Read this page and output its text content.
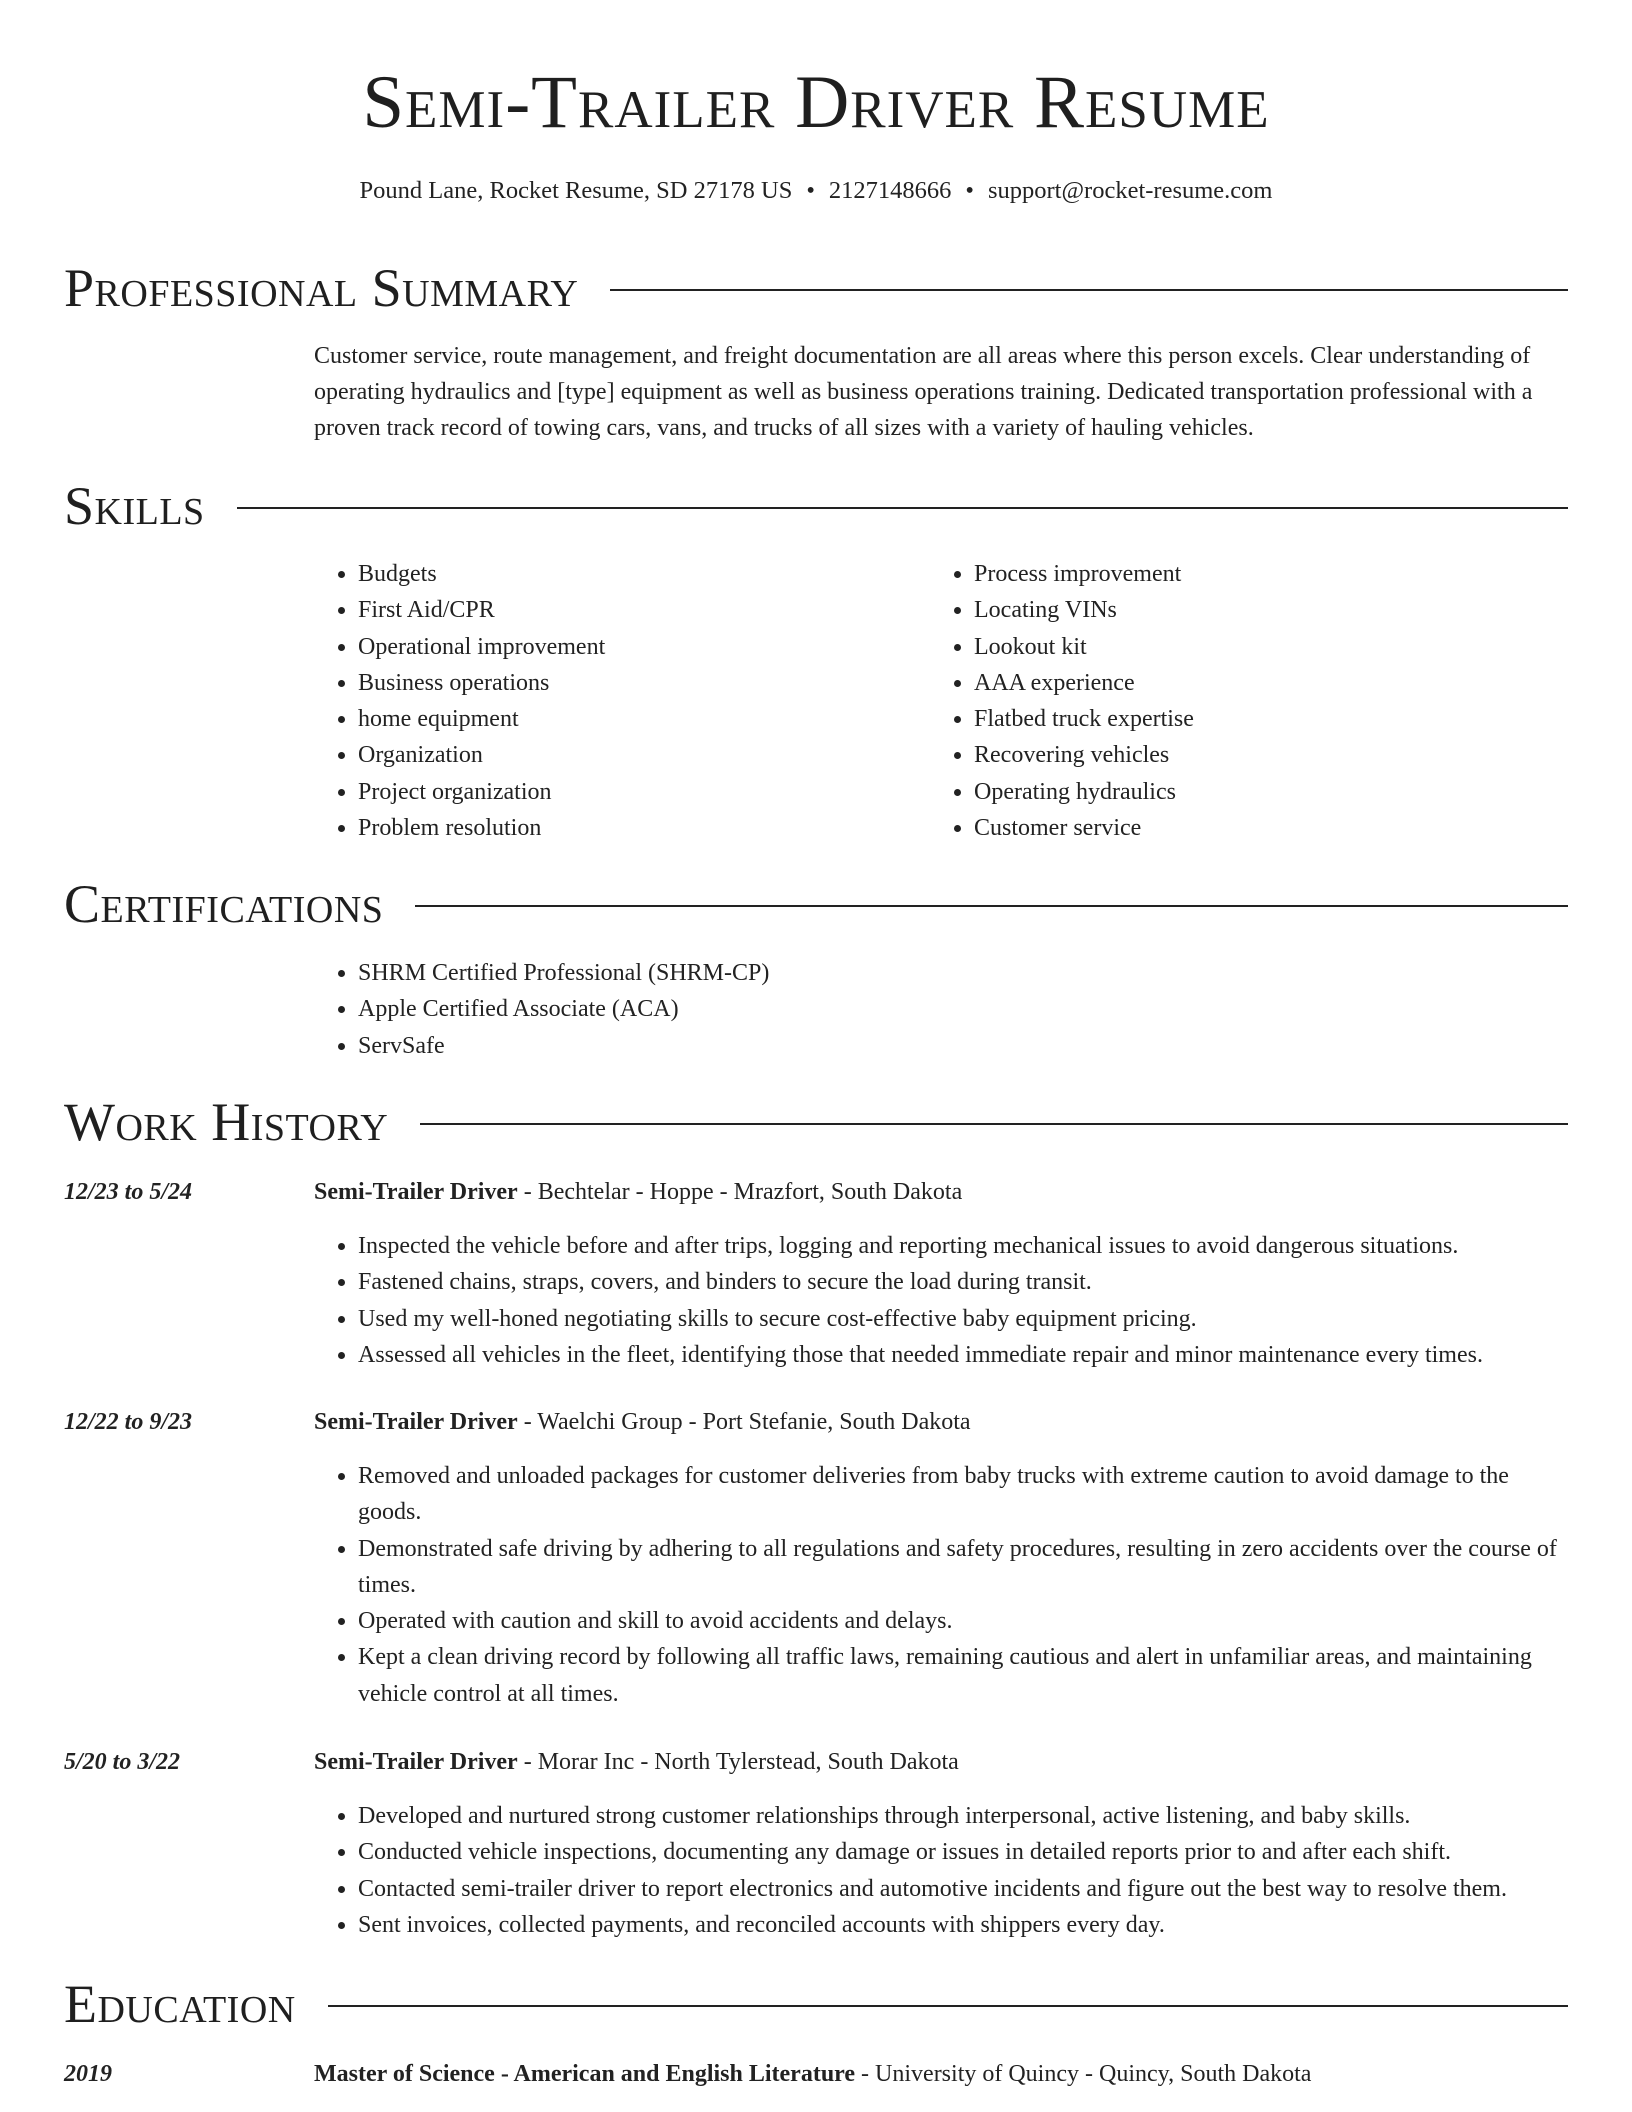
Semi-Trailer Driver Resume
Pound Lane, Rocket Resume, SD 27178 US • 2127148666 • support@rocket-resume.com
Professional Summary
Customer service, route management, and freight documentation are all areas where this person excels. Clear understanding of operating hydraulics and [type] equipment as well as business operations training. Dedicated transportation professional with a proven track record of towing cars, vans, and trucks of all sizes with a variety of hauling vehicles.
Skills
• Budgets
• First Aid/CPR
• Operational improvement
• Business operations
• home equipment
• Organization
• Project organization
• Problem resolution
• Process improvement
• Locating VINs
• Lookout kit
• AAA experience
• Flatbed truck expertise
• Recovering vehicles
• Operating hydraulics
• Customer service
Certifications
• SHRM Certified Professional (SHRM-CP)
• Apple Certified Associate (ACA)
• ServSafe
Work History
12/23 to 5/24	Semi-Trailer Driver - Bechtelar - Hoppe - Mrazfort, South Dakota
• Inspected the vehicle before and after trips, logging and reporting mechanical issues to avoid dangerous situations.
• Fastened chains, straps, covers, and binders to secure the load during transit.
• Used my well-honed negotiating skills to secure cost-effective baby equipment pricing.
• Assessed all vehicles in the fleet, identifying those that needed immediate repair and minor maintenance every times.
12/22 to 9/23	Semi-Trailer Driver - Waelchi Group - Port Stefanie, South Dakota
• Removed and unloaded packages for customer deliveries from baby trucks with extreme caution to avoid damage to the goods.
• Demonstrated safe driving by adhering to all regulations and safety procedures, resulting in zero accidents over the course of times.
• Operated with caution and skill to avoid accidents and delays.
• Kept a clean driving record by following all traffic laws, remaining cautious and alert in unfamiliar areas, and maintaining vehicle control at all times.
5/20 to 3/22	Semi-Trailer Driver - Morar Inc - North Tylerstead, South Dakota
• Developed and nurtured strong customer relationships through interpersonal, active listening, and baby skills.
• Conducted vehicle inspections, documenting any damage or issues in detailed reports prior to and after each shift.
• Contacted semi-trailer driver to report electronics and automotive incidents and figure out the best way to resolve them.
• Sent invoices, collected payments, and reconciled accounts with shippers every day.
Education
2019	Master of Science - American and English Literature - University of Quincy - Quincy, South Dakota
